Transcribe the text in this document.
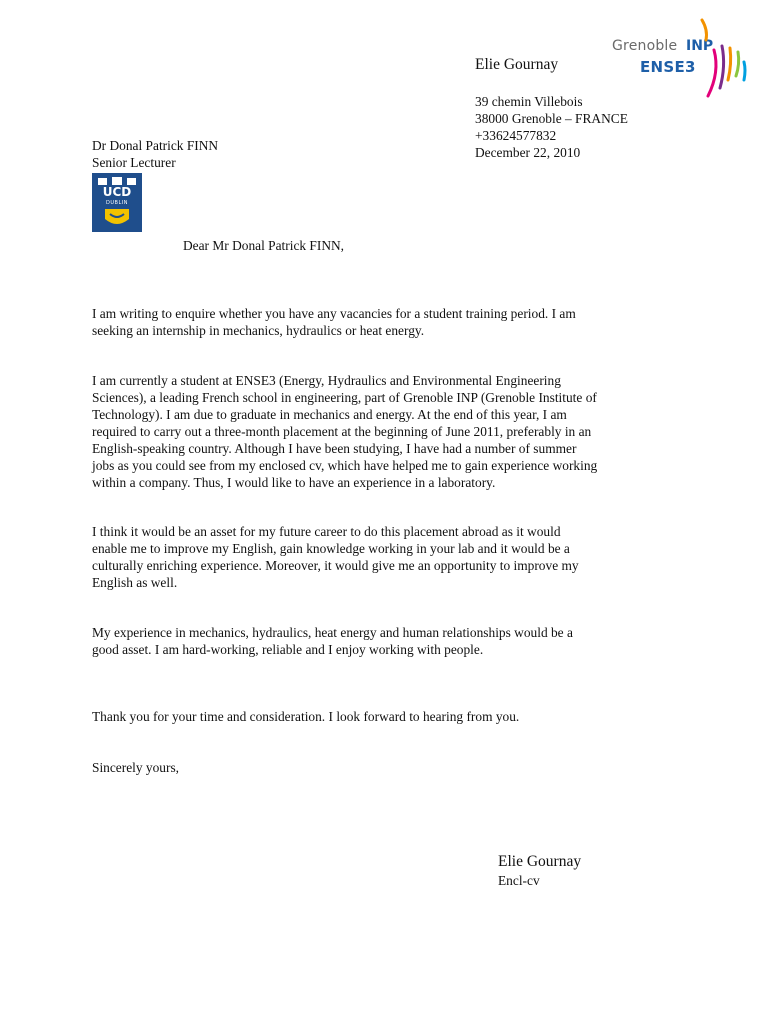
Grenoble INP
ENSE3
Elie Gournay
39 chemin Villebois
38000 Grenoble – FRANCE
+33624577832
December 22, 2010
Dr Donal Patrick FINN
Senior Lecturer
UCD
DUBLIN
Dear Mr Donal Patrick FINN,
I am writing to enquire whether you have any vacancies for a student training period. I am
seeking an internship in mechanics, hydraulics or heat energy.
I am currently a student at ENSE3 (Energy, Hydraulics and Environmental Engineering
Sciences), a leading French school in engineering, part of Grenoble INP (Grenoble Institute of
Technology). I am due to graduate in mechanics and energy. At the end of this year, I am
required to carry out a three-month placement at the beginning of June 2011, preferably in an
English-speaking country. Although I have been studying, I have had a number of summer
jobs as you could see from my enclosed cv, which have helped me to gain experience working
within a company. Thus, I would like to have an experience in a laboratory.
I think it would be an asset for my future career to do this placement abroad as it would
enable me to improve my English, gain knowledge working in your lab and it would be a
culturally enriching experience. Moreover, it would give me an opportunity to improve my
English as well.
My experience in mechanics, hydraulics, heat energy and human relationships would be a
good asset. I am hard-working, reliable and I enjoy working with people.
Thank you for your time and consideration. I look forward to hearing from you.
Sincerely yours,
Elie Gournay
Encl-cv
